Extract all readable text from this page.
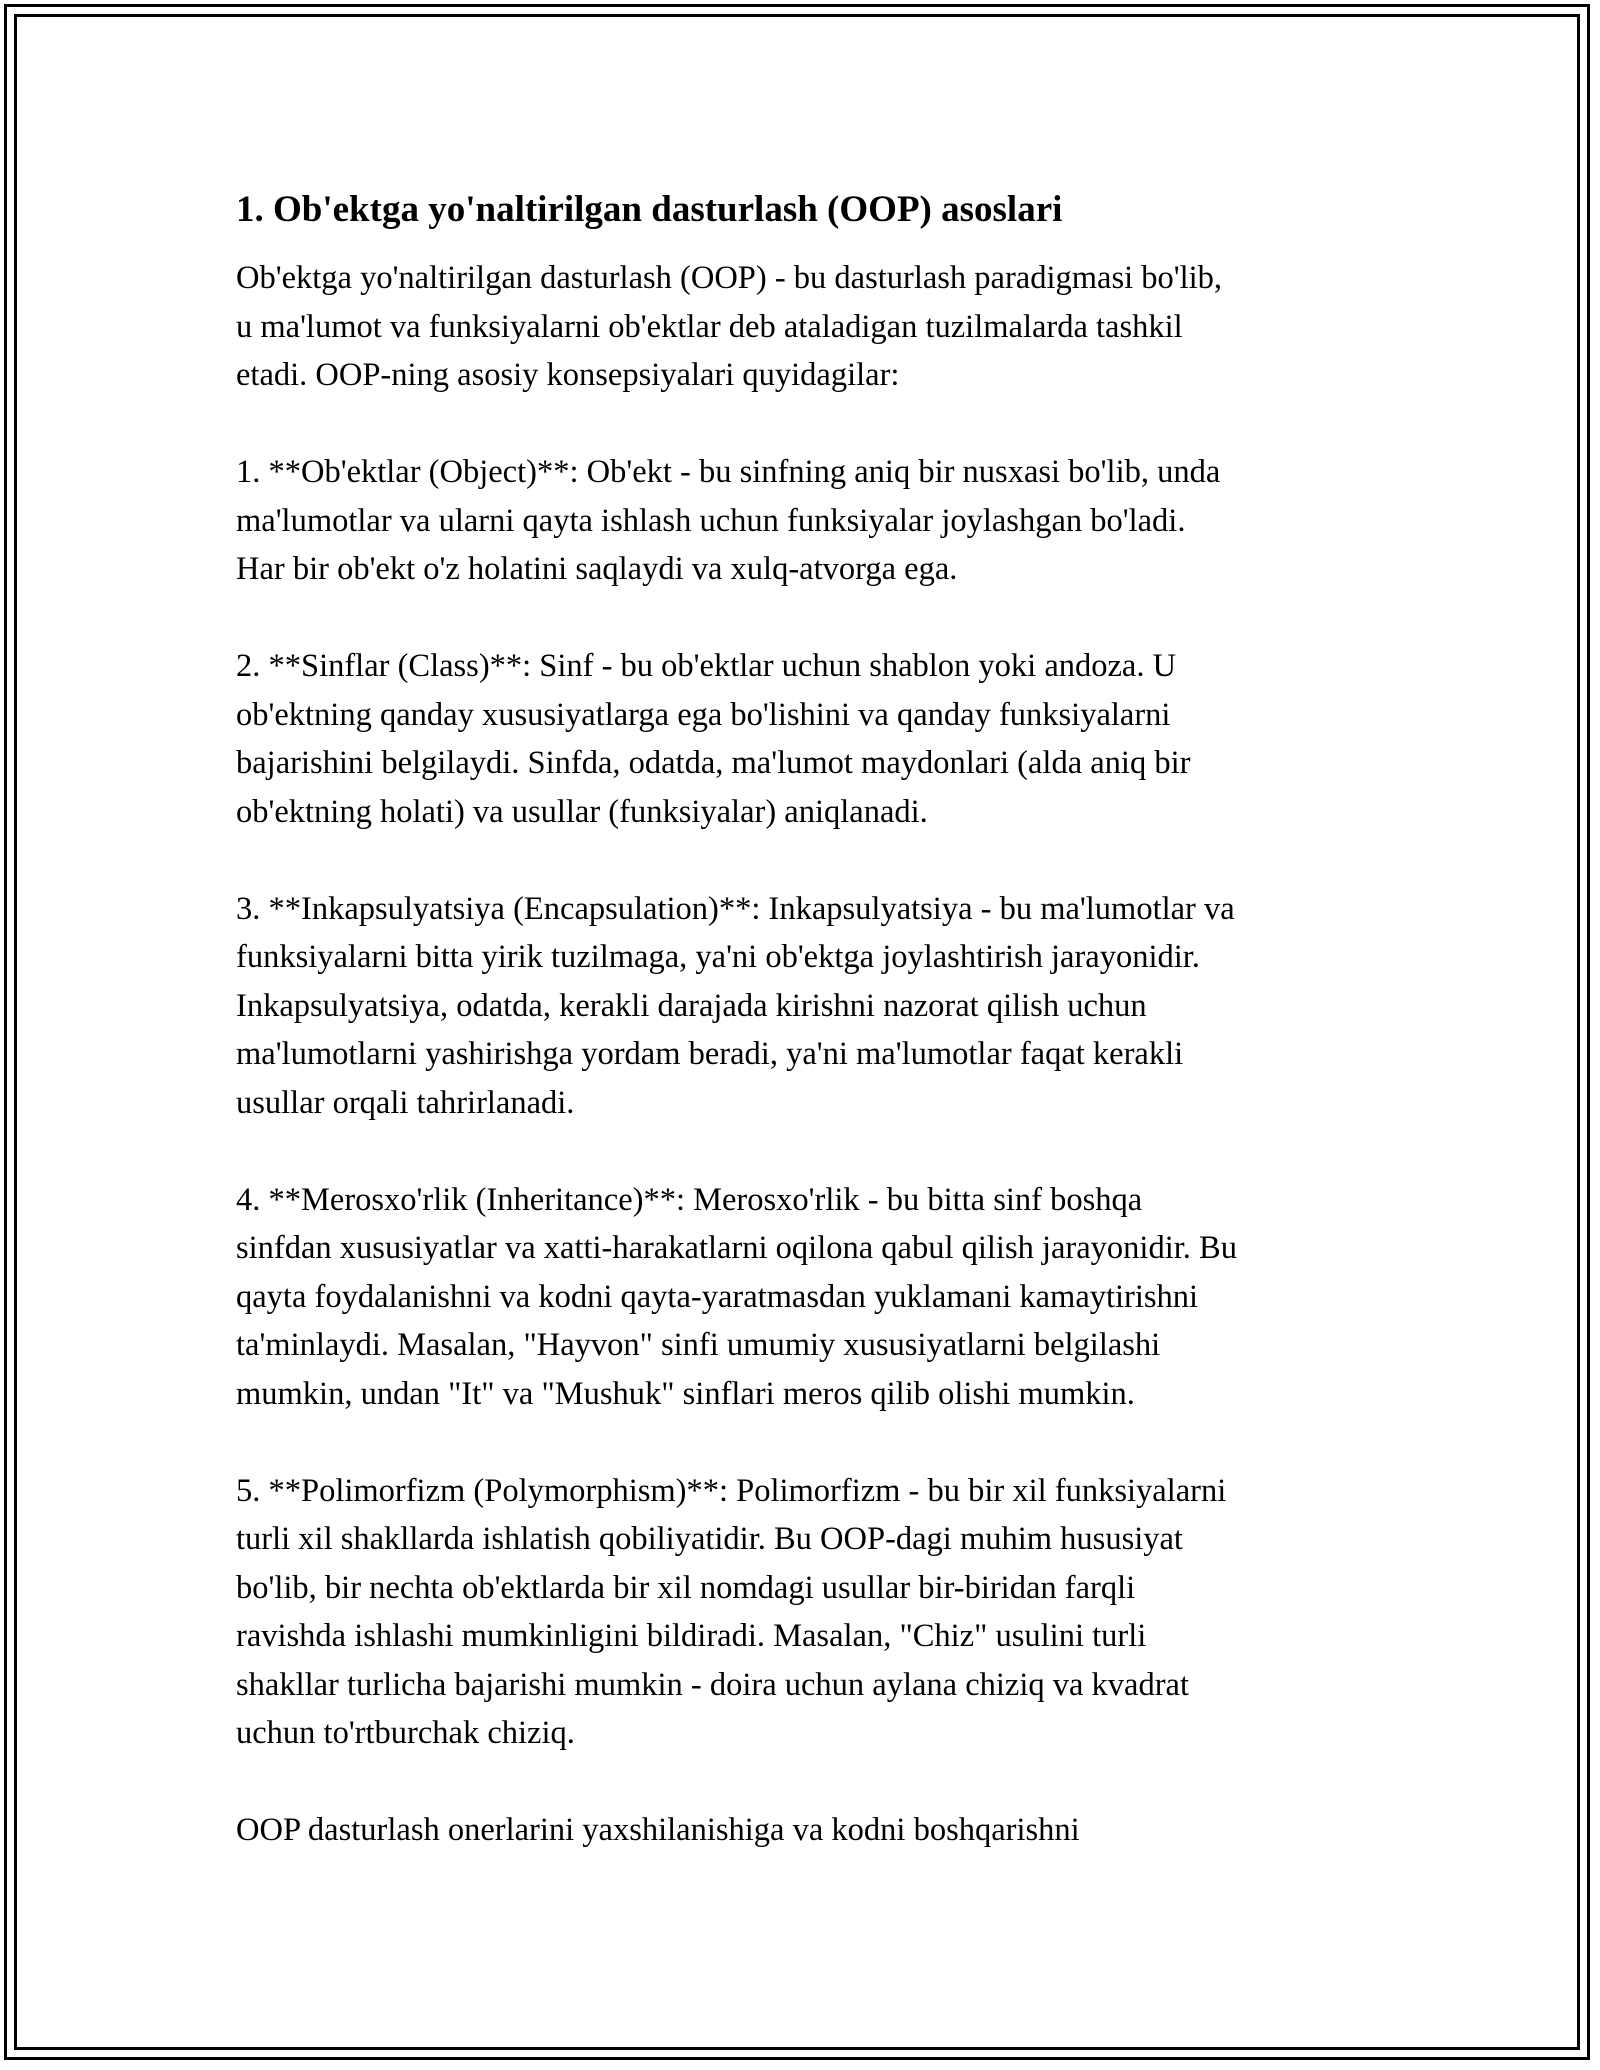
1. Ob'ektga yo'naltirilgan dasturlash (OOP) asoslari
Ob'ektga yo'naltirilgan dasturlash (OOP) - bu dasturlash paradigmasi bo'lib,
u ma'lumot va funksiyalarni ob'ektlar deb ataladigan tuzilmalarda tashkil
etadi. OOP-ning asosiy konsepsiyalari quyidagilar:
1. **Ob'ektlar (Object)**: Ob'ekt - bu sinfning aniq bir nusxasi bo'lib, unda
ma'lumotlar va ularni qayta ishlash uchun funksiyalar joylashgan bo'ladi.
Har bir ob'ekt o'z holatini saqlaydi va xulq-atvorga ega.
2. **Sinflar (Class)**: Sinf - bu ob'ektlar uchun shablon yoki andoza. U
ob'ektning qanday xususiyatlarga ega bo'lishini va qanday funksiyalarni
bajarishini belgilaydi. Sinfda, odatda, ma'lumot maydonlari (alda aniq bir
ob'ektning holati) va usullar (funksiyalar) aniqlanadi.
3. **Inkapsulyatsiya (Encapsulation)**: Inkapsulyatsiya - bu ma'lumotlar va
funksiyalarni bitta yirik tuzilmaga, ya'ni ob'ektga joylashtirish jarayonidir.
Inkapsulyatsiya, odatda, kerakli darajada kirishni nazorat qilish uchun
ma'lumotlarni yashirishga yordam beradi, ya'ni ma'lumotlar faqat kerakli
usullar orqali tahrirlanadi.
4. **Merosxo'rlik (Inheritance)**: Merosxo'rlik - bu bitta sinf boshqa
sinfdan xususiyatlar va xatti-harakatlarni oqilona qabul qilish jarayonidir. Bu
qayta foydalanishni va kodni qayta-yaratmasdan yuklamani kamaytirishni
ta'minlaydi. Masalan, "Hayvon" sinfi umumiy xususiyatlarni belgilashi
mumkin, undan "It" va "Mushuk" sinflari meros qilib olishi mumkin.
5. **Polimorfizm (Polymorphism)**: Polimorfizm - bu bir xil funksiyalarni
turli xil shakllarda ishlatish qobiliyatidir. Bu OOP-dagi muhim hususiyat
bo'lib, bir nechta ob'ektlarda bir xil nomdagi usullar bir-biridan farqli
ravishda ishlashi mumkinligini bildiradi. Masalan, "Chiz" usulini turli
shakllar turlicha bajarishi mumkin - doira uchun aylana chiziq va kvadrat
uchun to'rtburchak chiziq.
OOP dasturlash onerlarini yaxshilanishiga va kodni boshqarishni
